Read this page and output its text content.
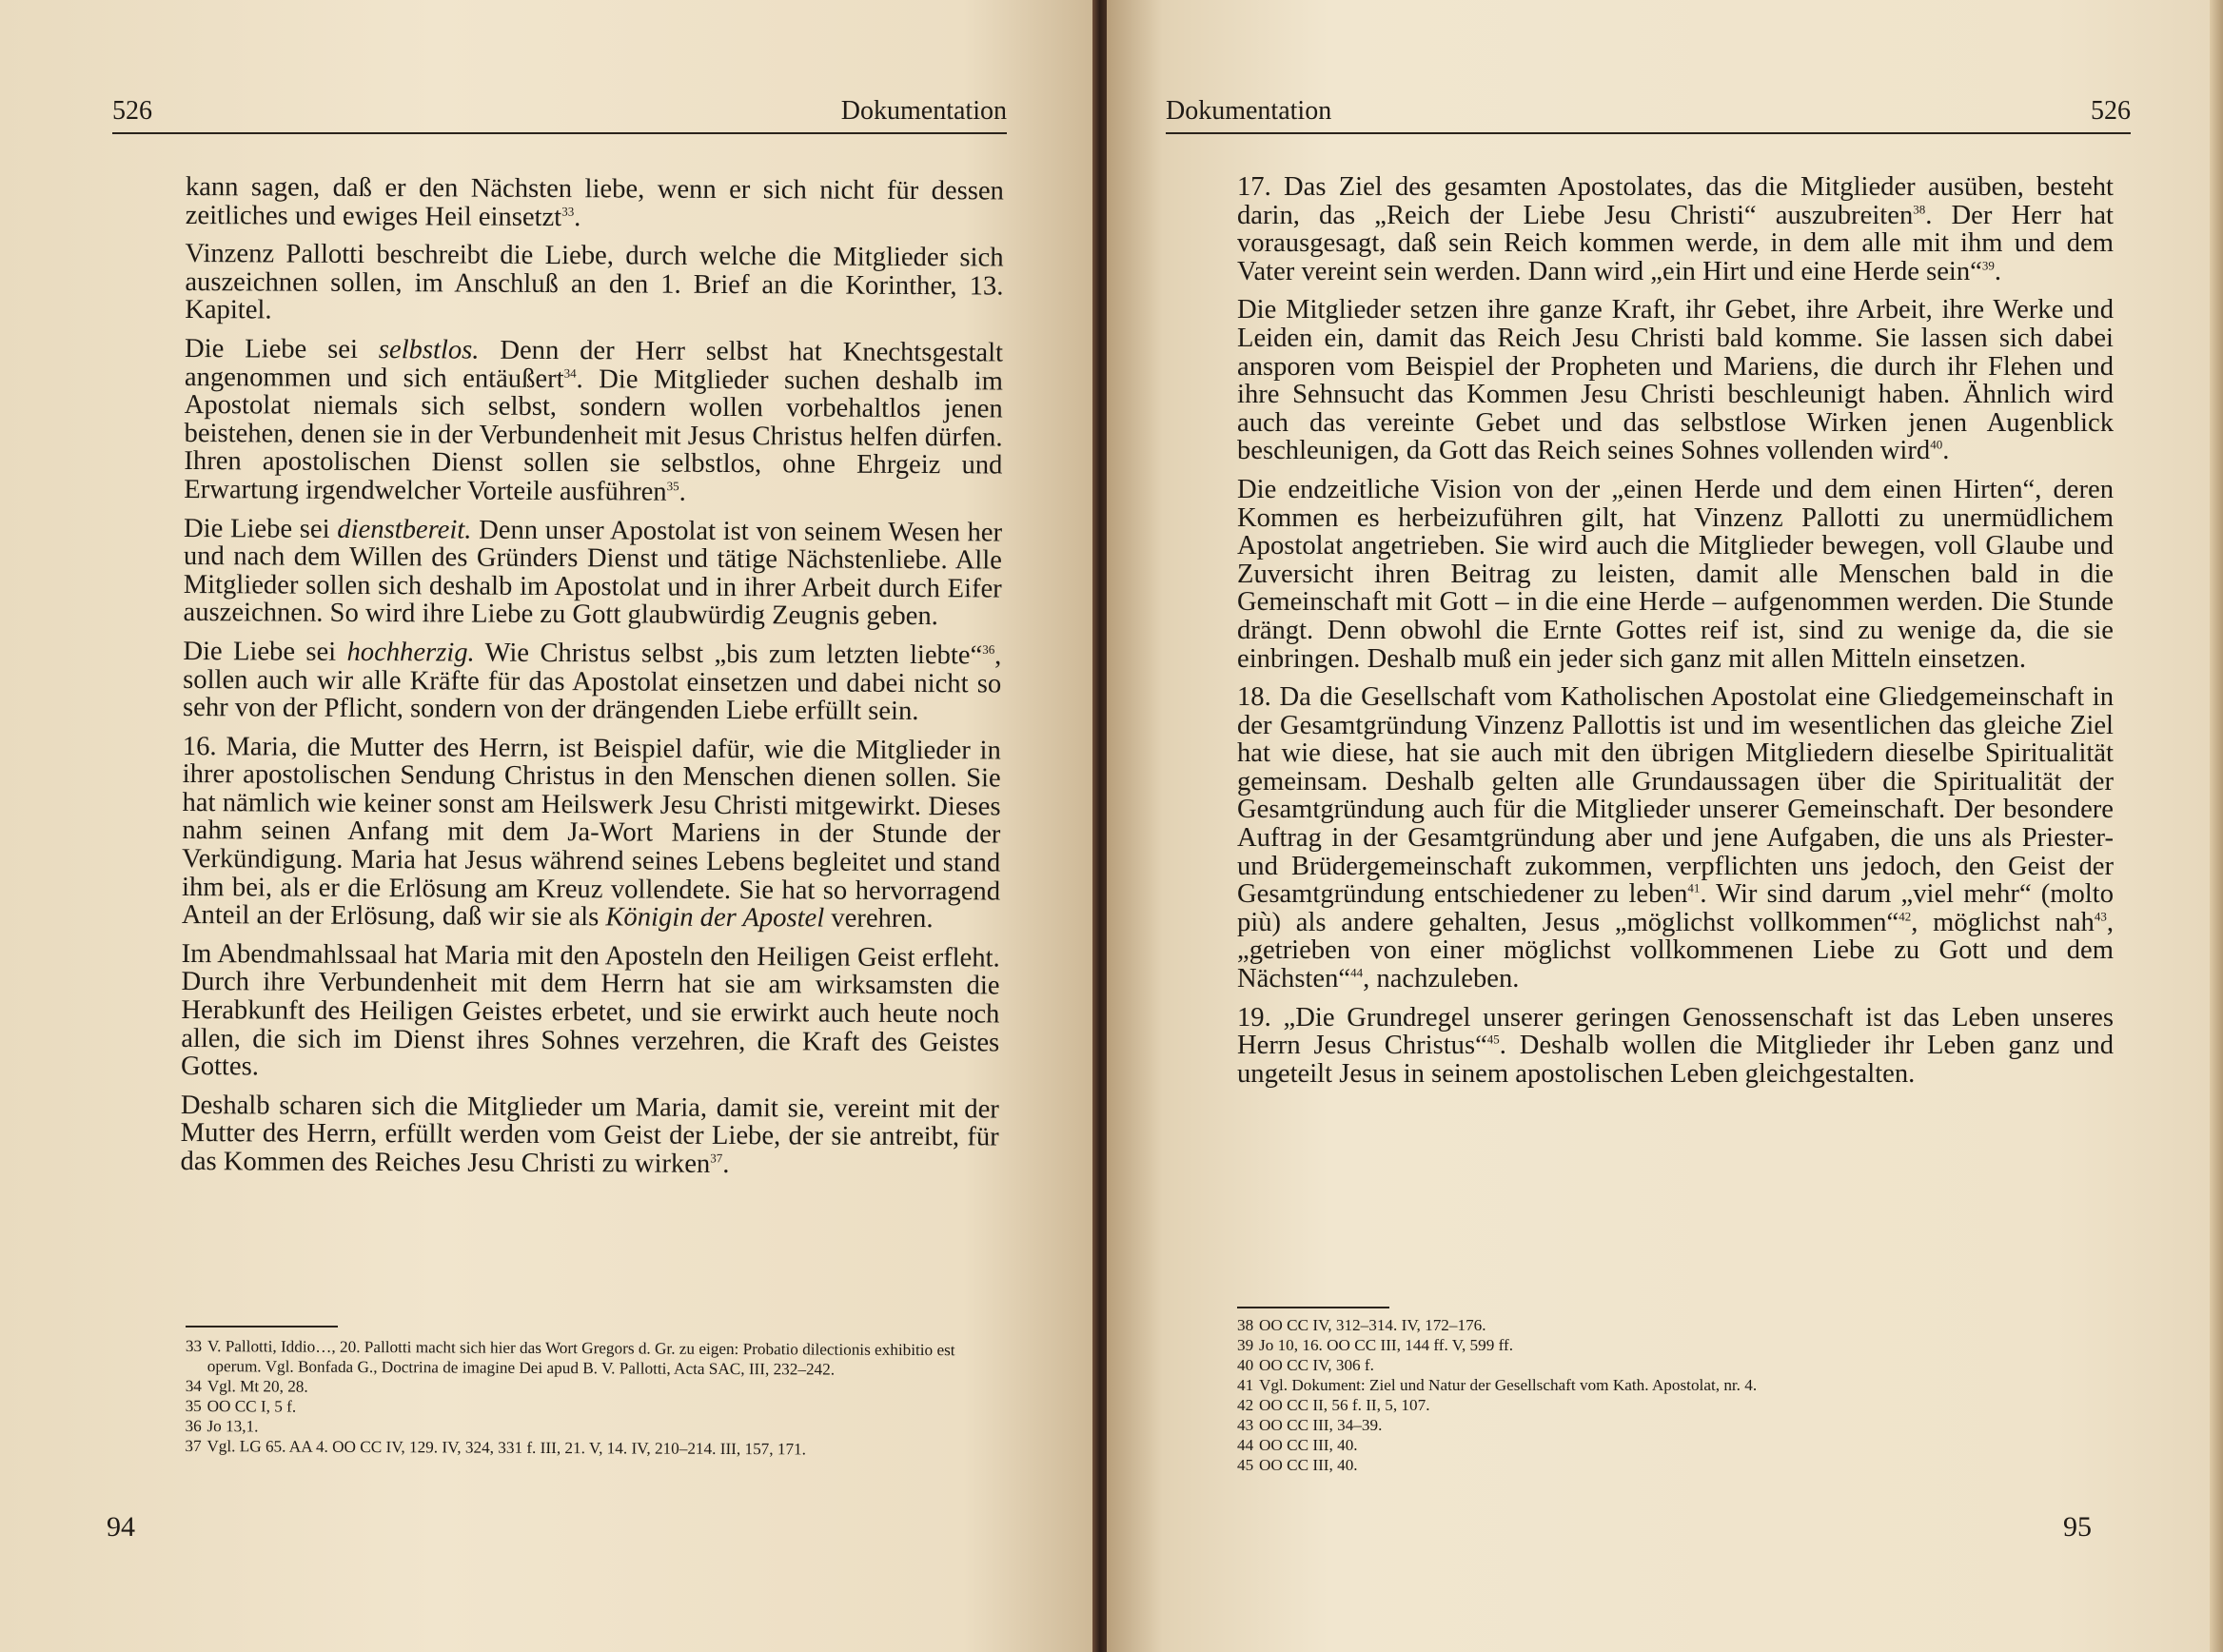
526	Dokumentation

kann sagen, daß er den Nächsten liebe, wenn er sich nicht für dessen zeitliches und ewiges Heil einsetzt$^{33}$.

Vinzenz Pallotti beschreibt die Liebe, durch welche die Mitglieder sich auszeichnen sollen, im Anschluß an den 1. Brief an die Korinther, 13. Kapitel.

Die Liebe sei selbstlos. Denn der Herr selbst hat Knechtsgestalt angenommen und sich entäußert$^{34}$. Die Mitglieder suchen deshalb im Apostolat niemals sich selbst, sondern wollen vorbehaltlos jenen beistehen, denen sie in der Verbundenheit mit Jesus Christus helfen dürfen. Ihren apostolischen Dienst sollen sie selbstlos, ohne Ehrgeiz und Erwartung irgendwelcher Vorteile ausführen$^{35}$.

Die Liebe sei dienstbereit. Denn unser Apostolat ist von seinem Wesen her und nach dem Willen des Gründers Dienst und tätige Nächstenliebe. Alle Mitglieder sollen sich deshalb im Apostolat und in ihrer Arbeit durch Eifer auszeichnen. So wird ihre Liebe zu Gott glaubwürdig Zeugnis geben.

Die Liebe sei hochherzig. Wie Christus selbst „bis zum letzten liebte“$^{36}$, sollen auch wir alle Kräfte für das Apostolat einsetzen und dabei nicht so sehr von der Pflicht, sondern von der drängenden Liebe erfüllt sein.

16. Maria, die Mutter des Herrn, ist Beispiel dafür, wie die Mitglieder in ihrer apostolischen Sendung Christus in den Menschen dienen sollen. Sie hat nämlich wie keiner sonst am Heilswerk Jesu Christi mitgewirkt. Dieses nahm seinen Anfang mit dem Ja-Wort Mariens in der Stunde der Verkündigung. Maria hat Jesus während seines Lebens begleitet und stand ihm bei, als er die Erlösung am Kreuz vollendete. Sie hat so hervorragend Anteil an der Erlösung, daß wir sie als Königin der Apostel verehren.

Im Abendmahlssaal hat Maria mit den Aposteln den Heiligen Geist erfleht. Durch ihre Verbundenheit mit dem Herrn hat sie am wirksamsten die Herabkunft des Heiligen Geistes erbetet, und sie erwirkt auch heute noch allen, die sich im Dienst ihres Sohnes verzehren, die Kraft des Geistes Gottes.

Deshalb scharen sich die Mitglieder um Maria, damit sie, vereint mit der Mutter des Herrn, erfüllt werden vom Geist der Liebe, der sie antreibt, für das Kommen des Reiches Jesu Christi zu wirken$^{37}$.

33 V. Pallotti, Iddio…, 20. Pallotti macht sich hier das Wort Gregors d. Gr. zu eigen: Probatio dilectionis exhibitio est operum. Vgl. Bonfada G., Doctrina de imagine Dei apud B. V. Pallotti, Acta SAC, III, 232–242.
34 Vgl. Mt 20, 28.
35 OO CC I, 5 f.
36 Jo 13,1.
37 Vgl. LG 65. AA 4. OO CC IV, 129. IV, 324, 331 f. III, 21. V, 14. IV, 210–214. III, 157, 171.
94
Dokumentation	526

17. Das Ziel des gesamten Apostolates, das die Mitglieder ausüben, besteht darin, das „Reich der Liebe Jesu Christi“ auszubreiten$^{38}$. Der Herr hat vorausgesagt, daß sein Reich kommen werde, in dem alle mit ihm und dem Vater vereint sein werden. Dann wird „ein Hirt und eine Herde sein“$^{39}$.

Die Mitglieder setzen ihre ganze Kraft, ihr Gebet, ihre Arbeit, ihre Werke und Leiden ein, damit das Reich Jesu Christi bald komme. Sie lassen sich dabei ansporen vom Beispiel der Propheten und Mariens, die durch ihr Flehen und ihre Sehnsucht das Kommen Jesu Christi beschleunigt haben. Ähnlich wird auch das vereinte Gebet und das selbstlose Wirken jenen Augenblick beschleunigen, da Gott das Reich seines Sohnes vollenden wird$^{40}$.

Die endzeitliche Vision von der „einen Herde und dem einen Hirten“, deren Kommen es herbeizuführen gilt, hat Vinzenz Pallotti zu unermüdlichem Apostolat angetrieben. Sie wird auch die Mitglieder bewegen, voll Glaube und Zuversicht ihren Beitrag zu leisten, damit alle Menschen bald in die Gemeinschaft mit Gott – in die eine Herde – aufgenommen werden. Die Stunde drängt. Denn obwohl die Ernte Gottes reif ist, sind zu wenige da, die sie einbringen. Deshalb muß ein jeder sich ganz mit allen Mitteln einsetzen.

18. Da die Gesellschaft vom Katholischen Apostolat eine Gliedgemeinschaft in der Gesamtgründung Vinzenz Pallottis ist und im wesentlichen das gleiche Ziel hat wie diese, hat sie auch mit den übrigen Mitgliedern dieselbe Spiritualität gemeinsam. Deshalb gelten alle Grundaussagen über die Spiritualität der Gesamtgründung auch für die Mitglieder unserer Gemeinschaft. Der besondere Auftrag in der Gesamtgründung aber und jene Aufgaben, die uns als Priester- und Brüdergemeinschaft zukommen, verpflichten uns jedoch, den Geist der Gesamtgründung entschiedener zu leben$^{41}$. Wir sind darum „viel mehr“ (molto più) als andere gehalten, Jesus „möglichst vollkommen“$^{42}$, möglichst nah$^{43}$, „getrieben von einer möglichst vollkommenen Liebe zu Gott und dem Nächsten“$^{44}$, nachzuleben.

19. „Die Grundregel unserer geringen Genossenschaft ist das Leben unseres Herrn Jesus Christus“$^{45}$. Deshalb wollen die Mitglieder ihr Leben ganz und ungeteilt Jesus in seinem apostolischen Leben gleichgestalten.

38 OO CC IV, 312–314. IV, 172–176.
39 Jo 10, 16. OO CC III, 144 ff. V, 599 ff.
40 OO CC IV, 306 f.
41 Vgl. Dokument: Ziel und Natur der Gesellschaft vom Kath. Apostolat, nr. 4.
42 OO CC II, 56 f. II, 5, 107.
43 OO CC III, 34–39.
44 OO CC III, 40.
45 OO CC III, 40.
95
